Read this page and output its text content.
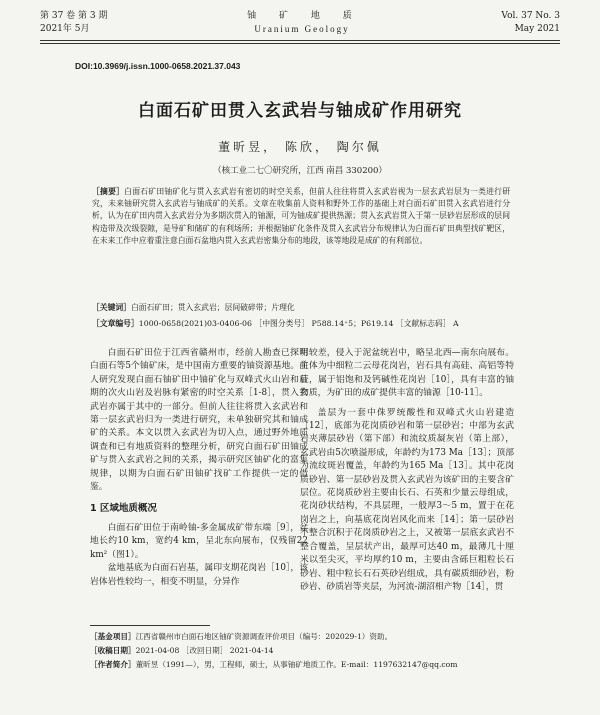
第 37 卷 第 3 期	铀 矿 地 质	Vol. 37 No. 3
2021年 5月	Uranium Geology	May 2021
DOI:10.3969/j.issn.1000-0658.2021.37.043
白面石矿田贯入玄武岩与铀成矿作用研究
董昕昱， 陈欣， 陶尔佩
（核工业二七〇研究所，江西 南昌 330200）
［摘要］白面石矿田铀矿化与贯入玄武岩有密切的时空关系，但前人往往将贯入玄武岩视为一层玄武岩层为一类进行研究，未来铀研究贯入玄武岩与铀成矿的关系。文章在收集前人资料和野外工作的基础上对白面石矿田贯入玄武岩进行分析，认为在矿田内贯入玄武岩分为多期次贯入的铀源，可为铀成矿提供热源；贯入玄武岩贯入于第一层砂岩层形成的层间构造带及次级裂隙，是导矿和储矿的有利场所；并根据铀矿化条件及贯入玄武岩分布规律认为白面石矿田典型找矿靶区，在未来工作中应着重注意白面石盆地内贯入玄武岩密集分布的地段，该等地段是成矿的有利部位。
［关键词］白面石矿田；贯入玄武岩；层间破碎带；片理化
［文章编号］1000-0658(2021)03-0406-06 ［中图分类号］ P588.14⁺5；P619.14 ［文献标志码］ A

白面石矿田位于江西省赣州市，经前人勘查已探明白面石等5个铀矿床，是中国南方重要的铀资源基地。前人研究发现白面石铀矿田中铀矿化与双峰式火山岩和后期的次火山岩及岩脉有紧密的时空关系［1-8］，贯入玄武岩亦属于其中的一部分。但前人往往将贯入玄武岩和第一层玄武岩归为一类进行研究，未单独研究其和铀成矿的关系。本文以贯入玄武岩为切入点，通过野外地质调查和已有地质资料的整理分析，研究白面石矿田铀成矿与贯入玄武岩之间的关系，揭示研究区铀矿化的富集规律，以期为白面石矿田铀矿找矿工作提供一定的借鉴。

1 区域地质概况

白面石矿田位于南岭铀-多金属成矿带东端［9］，盆地长约10 km，宽约4 km，呈北东向展布，仅残留22 km²（图1）。

盆地基底为白面石岩基，属印支期花岗岩［10］，该岩体岩性较均一，相变不明显，分异作

用较差，侵入于泥盆统岩中，略呈北西—南东向展布。主体为中细粒二云母花岗岩，岩石具有高硅、高铝等特征，属于铝饱和及钙碱性花岗岩［10］，具有丰富的铀物质，为矿田的成矿提供丰富的铀源［10-11］。

盖层为一套中侏罗统酸性和双峰式火山岩建造［12］，底部为花岗质砂岩和第一层砂岩；中部为玄武岩夹薄层砂岩（第下部）和流纹质凝灰岩（第上部），玄武岩由5次喷溢形成，年龄约为173 Ma［13］；顶部为流纹斑岩覆盖，年龄约为165 Ma［13］。其中花岗质砂岩、第一层砂岩及贯入玄武岩为该矿田的主要含矿层位。花岗质砂岩主要由长石、石英和少量云母组成，花岗砂状结构，不具层理，一般厚3～5 m，置于在花岗岩之上，向基底花岗岩风化而来［14］；第一层砂岩不整合沉积于花岗质砂岩之上，又被第一层底玄武岩不整合覆盖，呈层状产出，最厚可达40 m，最薄几十厘米以至尖灭，平均厚约10 m，主要由含砾巨粗粒长石砂岩、粗中粒长石石英砂岩组成，具有碳质细砂岩，粉砂岩、砂质岩等夹层，为河流-湖沼相产物［14］，贯

［基金项目］江西省赣州市白面石地区铀矿资源调查评价项目（编号：202029-1）资助。
［收稿日期］2021-04-08 ［改回日期］ 2021-04-14
［作者简介］董昕昱（1991—），男，工程师，硕士，从事铀矿地质工作。E-mail：1197632147@qq.com
